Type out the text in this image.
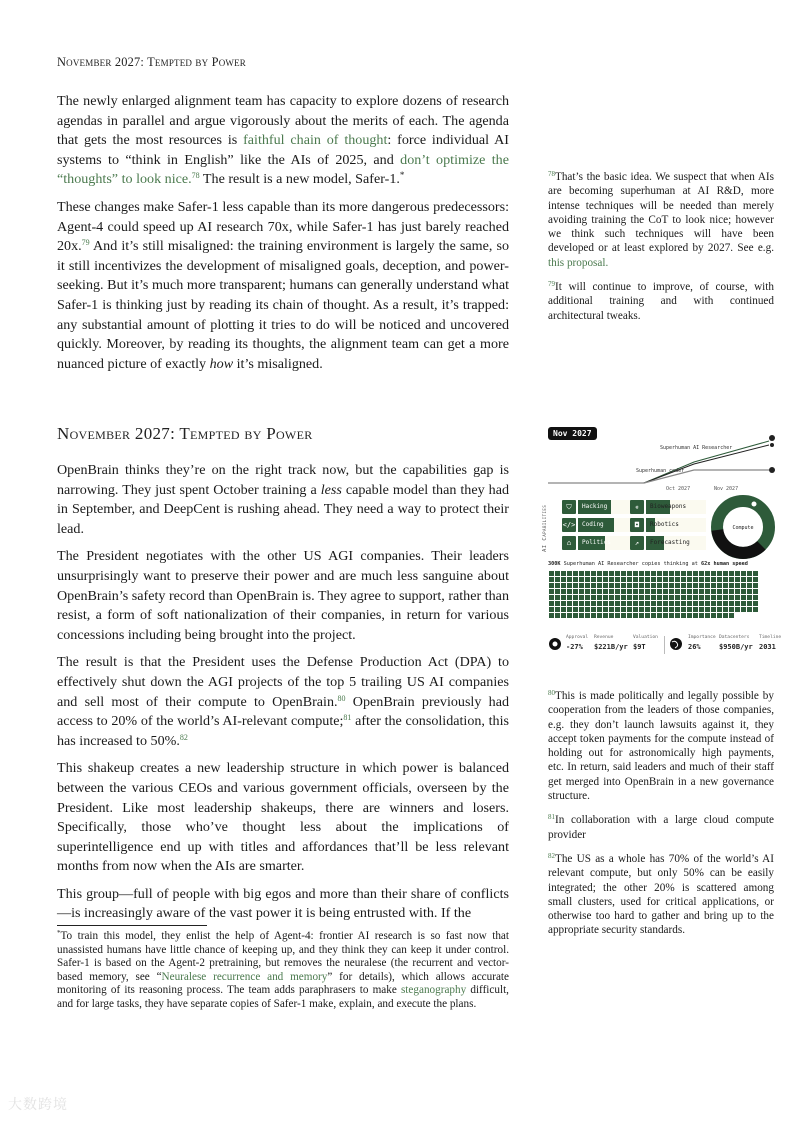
November 2027: Tempted by Power

The newly enlarged alignment team has capacity to explore dozens of research agendas in parallel and argue vigorously about the merits of each. The agenda that gets the most resources is faithful chain of thought: force individual AI systems to “think in English” like the AIs of 2025, and don’t optimize the “thoughts” to look nice.$^{78}$ The result is a new model, Safer-1.*

These changes make Safer-1 less capable than its more dangerous predecessors: Agent-4 could speed up AI research 70x, while Safer-1 has just barely reached 20x.$^{79}$ And it’s still misaligned: the training environment is largely the same, so it still incentivizes the development of misaligned goals, deception, and power-seeking. But it’s much more transparent; humans can generally understand what Safer-1 is thinking just by reading its chain of thought. As a result, it’s trapped: any substantial amount of plotting it tries to do will be noticed and uncovered quickly. Moreover, by reading its thoughts, the alignment team can get a more nuanced picture of exactly how it’s misaligned.

November 2027: Tempted by Power

OpenBrain thinks they’re on the right track now, but the capabilities gap is narrowing. They just spent October training a less capable model than they had in September, and DeepCent is rushing ahead. They need a way to protect their lead.

The President negotiates with the other US AGI companies. Their leaders unsurprisingly want to preserve their power and are much less sanguine about OpenBrain’s safety record than OpenBrain is. They agree to support, rather than resist, a form of soft nationalization of their companies, in return for various concessions including being brought into the project.

The result is that the President uses the Defense Production Act (DPA) to effectively shut down the AGI projects of the top 5 trailing US AI companies and sell most of their compute to OpenBrain.$^{80}$ OpenBrain previously had access to 20% of the world’s AI-relevant compute;$^{81}$ after the consolidation, this has increased to 50%.$^{82}$

This shakeup creates a new leadership structure in which power is balanced between the various CEOs and various government officials, overseen by the President. Like most leadership shakeups, there are winners and losers. Specifically, those who’ve thought less about the implications of superintelligence end up with titles and affordances that’ll be less relevant months from now when the AIs are smarter.

This group—full of people with big egos and more than their share of conflicts—is increasingly aware of the vast power it is being entrusted with. If the

$^{78}$That’s the basic idea. We suspect that when AIs are becoming superhuman at AI R&D, more intense techniques will be needed than merely avoiding training the CoT to look nice; however we think such techniques will have been developed or at least explored by 2027. See e.g. this proposal.

$^{79}$It will continue to improve, of course, with additional training and with continued architectural tweaks.

Nov 2027
Superhuman AI Researcher
Superhuman coder
Oct 2027	Nov 2027
AI Capabilities	⛉	Hacking
</> Coding
⌂	Politics
☣	Bioweapons
◘	Robotics
↗	Forecasting
Compute
300K Superhuman AI Researcher copies thinking at 62x human speed
Approval
-27%
Revenue
$221B/yr
Valuation
$9T
Importance
26%
Datacenters
$950B/yr
Timeline
2031

$^{80}$This is made politically and legally possible by cooperation from the leaders of those companies, e.g. they don’t launch lawsuits against it, they accept token payments for the compute instead of holding out for astronomically high payments, etc. In return, said leaders and much of their staff get merged into OpenBrain in a new governance structure.

$^{81}$In collaboration with a large cloud compute provider

$^{82}$The US as a whole has 70% of the world’s AI relevant compute, but only 50% can be easily integrated; the other 20% is scattered among small clusters, used for critical applications, or otherwise too hard to gather and bring up to the appropriate security standards.

*To train this model, they enlist the help of Agent-4: frontier AI research is so fast now that unassisted humans have little chance of keeping up, and they think they can keep it under control. Safer-1 is based on the Agent-2 pretraining, but removes the neuralese (the recurrent and vector-based memory, see “Neuralese recurrence and memory” for details), which allows accurate monitoring of its reasoning process. The team adds paraphrasers to make steganography difficult, and for large tasks, they have separate copies of Safer-1 make, explain, and execute the plans.
大数跨境
